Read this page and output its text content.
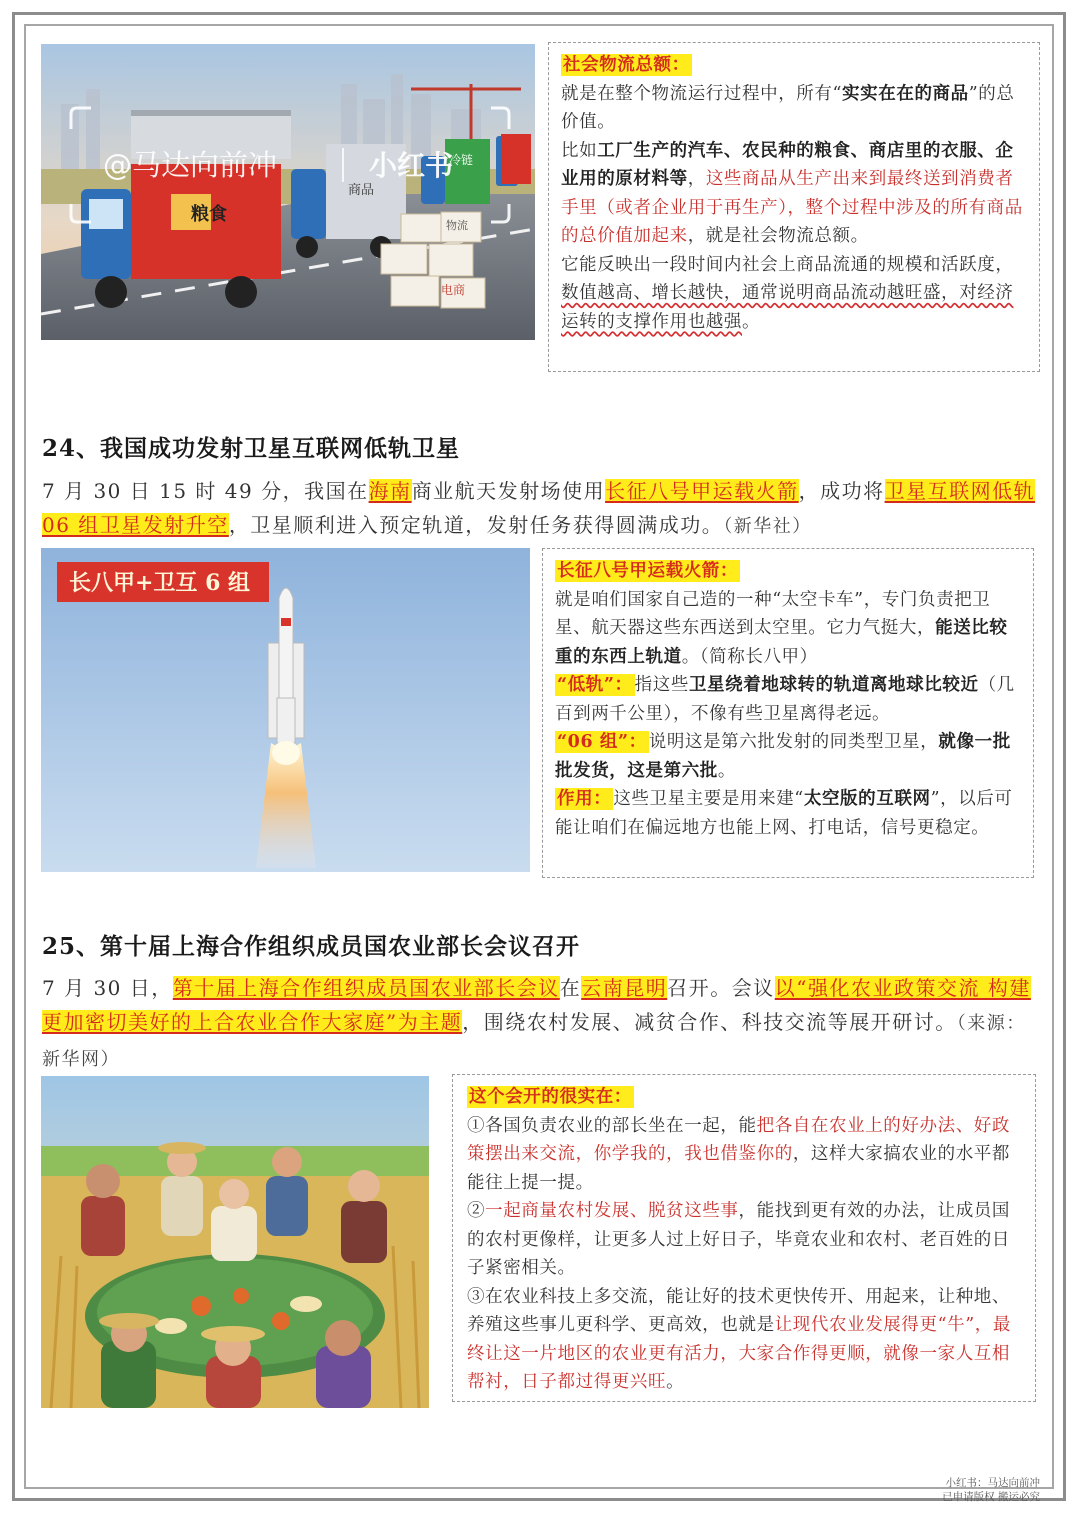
粮食
商品
冷链
电商
物流
@马达向前冲	小红书

社会物流总额：

就是在整个物流运行过程中，所有“实实在在的商品”的总价值。

比如工厂生产的汽车、农民种的粮食、商店里的衣服、企业用的原材料等，这些商品从生产出来到最终送到消费者手里（或者企业用于再生产），整个过程中涉及的所有商品的总价值加起来，就是社会物流总额。

它能反映出一段时间内社会上商品流通的规模和活跃度，数值越高、增长越快，通常说明商品流动越旺盛，对经济运转的支撑作用也越强。

24、我国成功发射卫星互联网低轨卫星
7 月 30 日 15 时 49 分，我国在海南商业航天发射场使用长征八号甲运载火箭，成功将卫星互联网低轨 06 组卫星发射升空，卫星顺利进入预定轨道，发射任务获得圆满成功。（新华社）
长八甲+卫互 6 组	长征八号甲运载火箭：

就是咱们国家自己造的一种“太空卡车”，专门负责把卫星、航天器这些东西送到太空里。它力气挺大，能送比较重的东西上轨道。（简称长八甲）

“低轨”： 指这些卫星绕着地球转的轨道离地球比较近（几百到两千公里），不像有些卫星离得老远。

“06 组”： 说明这是第六批发射的同类型卫星，就像一批批发货，这是第六批。

作用： 这些卫星主要是用来建“太空版的互联网”，以后可能让咱们在偏远地方也能上网、打电话，信号更稳定。

25、第十届上海合作组织成员国农业部长会议召开
7 月 30 日，第十届上海合作组织成员国农业部长会议在云南昆明召开。会议以“强化农业政策交流 构建更加密切美好的上合农业合作大家庭”为主题，围绕农村发展、减贫合作、科技交流等展开研讨。（来源：新华网）

这个会开的很实在：

①各国负责农业的部长坐在一起，能把各自在农业上的好办法、好政策摆出来交流，你学我的，我也借鉴你的，这样大家搞农业的水平都能往上提一提。

②一起商量农村发展、脱贫这些事，能找到更有效的办法，让成员国的农村更像样，让更多人过上好日子，毕竟农业和农村、老百姓的日子紧密相关。

③在农业科技上多交流，能让好的技术更快传开、用起来，让种地、养殖这些事儿更科学、更高效，也就是让现代农业发展得更“牛”，最终让这一片地区的农业更有活力，大家合作得更顺，就像一家人互相帮衬，日子都过得更兴旺。

小红书：马达向前冲
已申请版权 搬运必究
